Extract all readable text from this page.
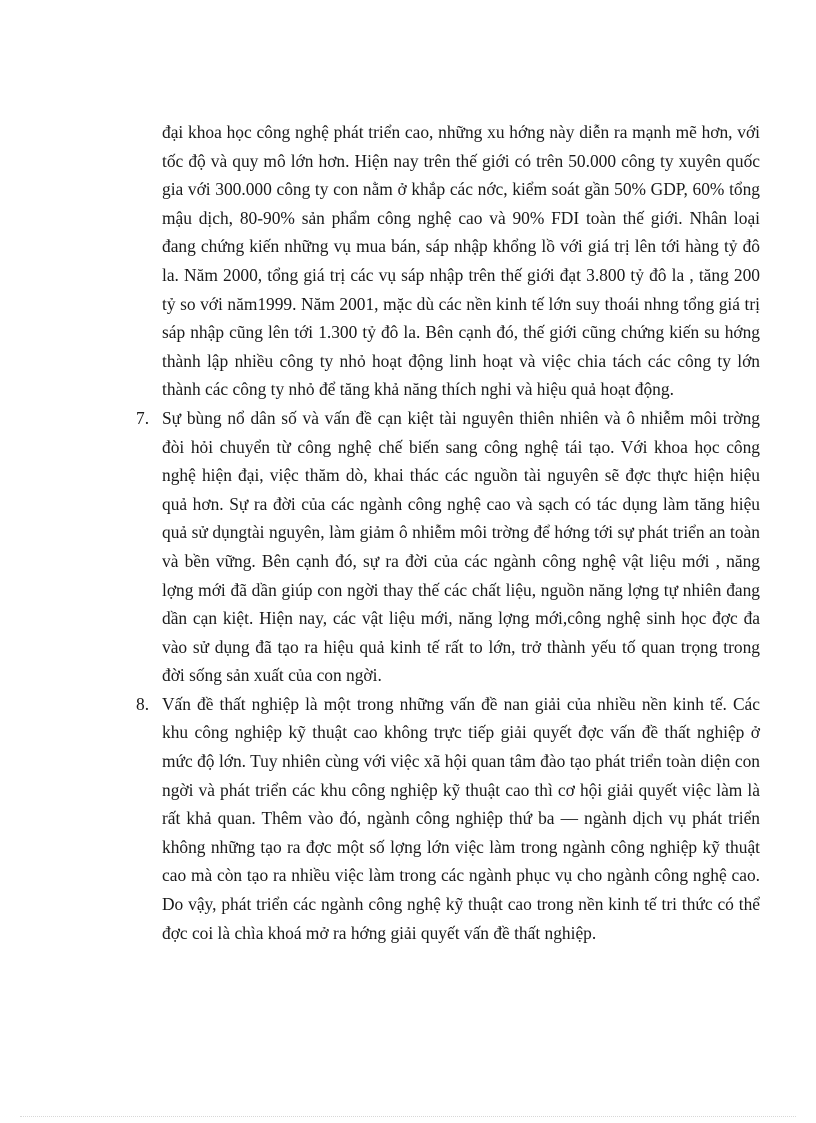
đại khoa học công nghệ phát triển cao, những xu hớng này diễn ra mạnh mẽ hơn, với tốc độ và quy mô lớn hơn. Hiện nay trên thế giới có trên 50.000 công ty xuyên quốc gia với 300.000 công ty con nằm ở khắp các nớc, kiểm soát gần 50% GDP, 60% tổng mậu dịch, 80-90% sản phẩm công nghệ cao và 90% FDI toàn thế giới. Nhân loại đang chứng kiến những vụ mua bán, sáp nhập khổng lồ với giá trị lên tới hàng tỷ đô la. Năm 2000, tổng giá trị các vụ sáp nhập trên thế giới đạt 3.800 tỷ đô la , tăng 200 tỷ so với năm1999. Năm 2001, mặc dù các nền kinh tế lớn suy thoái nhng tổng giá trị sáp nhập cũng lên tới 1.300 tỷ đô la. Bên cạnh đó, thế giới cũng chứng kiến su hớng thành lập nhiều công ty nhỏ hoạt động linh hoạt và việc chia tách các công ty lớn thành các công ty nhỏ để tăng khả năng thích nghi và hiệu quả hoạt động.

7. Sự bùng nổ dân số và vấn đề cạn kiệt tài nguyên thiên nhiên và ô nhiễm môi trờng đòi hỏi chuyển từ công nghệ chế biến sang công nghệ tái tạo. Với khoa học công nghệ hiện đại, việc thăm dò, khai thác các nguồn tài nguyên sẽ đợc thực hiện hiệu quả hơn. Sự ra đời của các ngành công nghệ cao và sạch có tác dụng làm tăng hiệu quả sử dụngtài nguyên, làm giảm ô nhiễm môi trờng để hớng tới sự phát triển an toàn và bền vững. Bên cạnh đó, sự ra đời của các ngành công nghệ vật liệu mới , năng lợng mới đã dần giúp con ngời thay thế các chất liệu, nguồn năng lợng tự nhiên đang dần cạn kiệt. Hiện nay, các vật liệu mới, năng lợng mới,công nghệ sinh học đợc đa vào sử dụng đã tạo ra hiệu quả kinh tế rất to lớn, trở thành yếu tố quan trọng trong đời sống sản xuất của con ngời.

8. Vấn đề thất nghiệp là một trong những vấn đề nan giải của nhiều nền kinh tế. Các khu công nghiệp kỹ thuật cao không trực tiếp giải quyết đợc vấn đề thất nghiệp ở mức độ lớn. Tuy nhiên cùng với việc xã hội quan tâm đào tạo phát triển toàn diện con ngời và phát triển các khu công nghiệp kỹ thuật cao thì cơ hội giải quyết việc làm là rất khả quan. Thêm vào đó, ngành công nghiệp thứ ba — ngành dịch vụ phát triển không những tạo ra đợc một số lợng lớn việc làm trong ngành công nghiệp kỹ thuật cao mà còn tạo ra nhiều việc làm trong các ngành phục vụ cho ngành công nghệ cao. Do vậy, phát triển các ngành công nghệ kỹ thuật cao trong nền kinh tế tri thức có thể đợc coi là chìa khoá mở ra hớng giải quyết vấn đề thất nghiệp.
